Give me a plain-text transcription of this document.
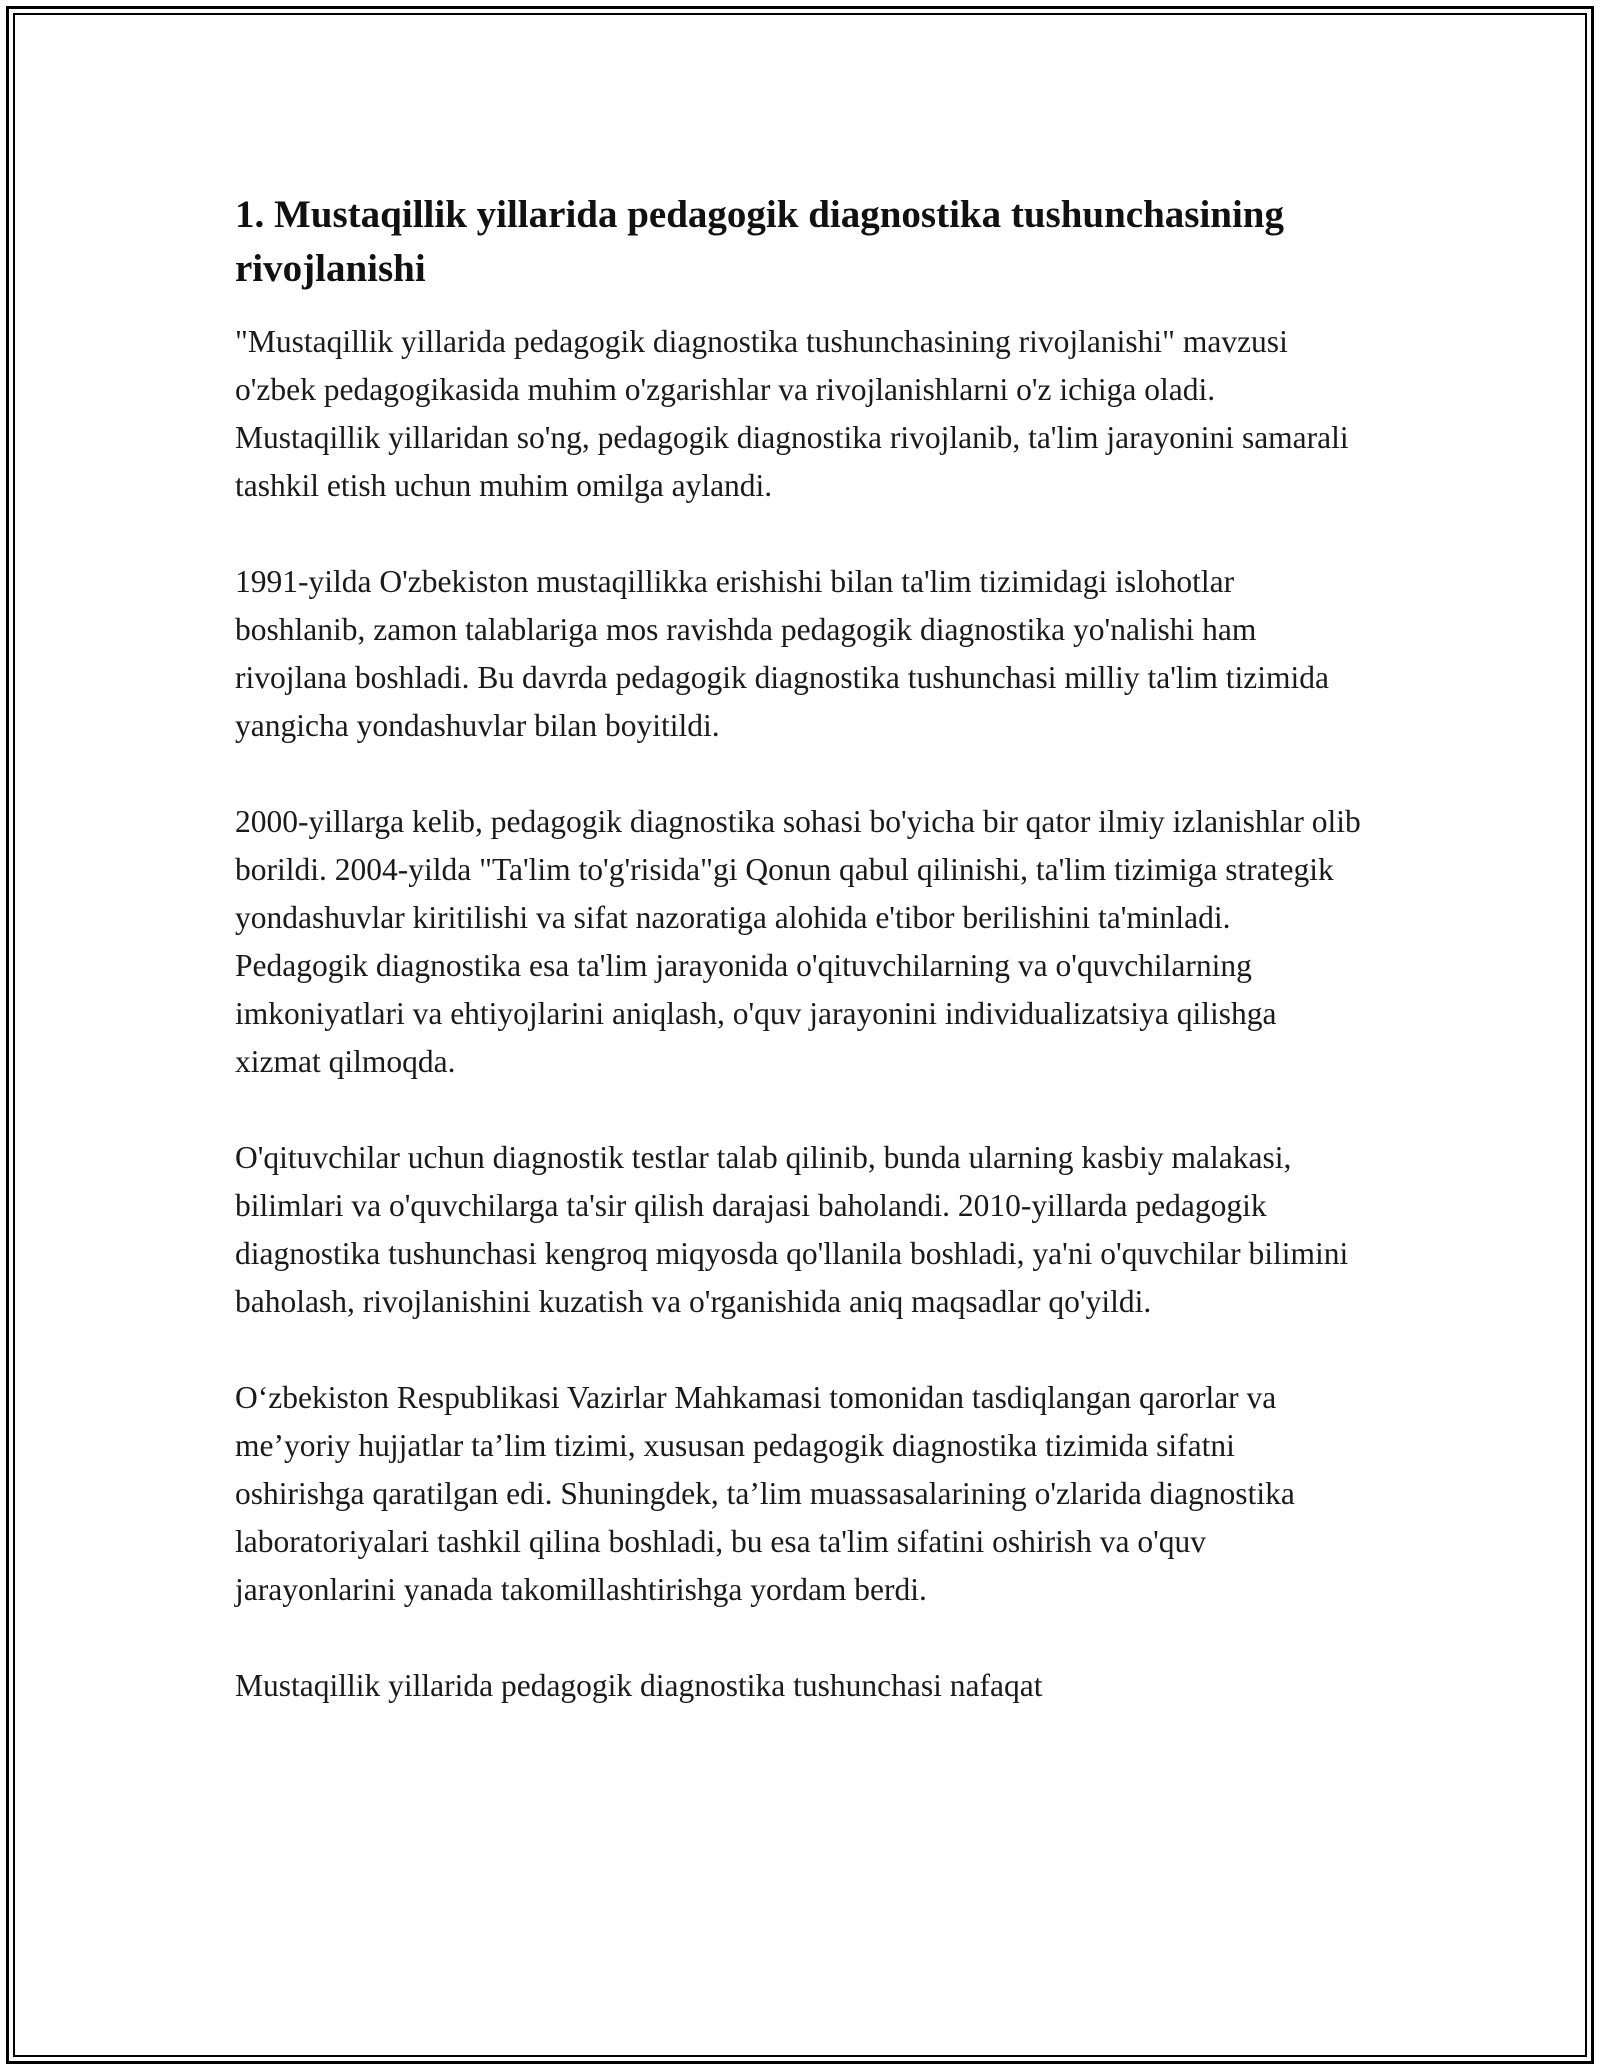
1. Mustaqillik yillarida pedagogik diagnostika tushunchasining rivojlanishi

"Mustaqillik yillarida pedagogik diagnostika tushunchasining rivojlanishi" mavzusi o'zbek pedagogikasida muhim o'zgarishlar va rivojlanishlarni o'z ichiga oladi. Mustaqillik yillaridan so'ng, pedagogik diagnostika rivojlanib, ta'lim jarayonini samarali tashkil etish uchun muhim omilga aylandi.

1991-yilda O'zbekiston mustaqillikka erishishi bilan ta'lim tizimidagi islohotlar boshlanib, zamon talablariga mos ravishda pedagogik diagnostika yo'nalishi ham rivojlana boshladi. Bu davrda pedagogik diagnostika tushunchasi milliy ta'lim tizimida yangicha yondashuvlar bilan boyitildi.

2000-yillarga kelib, pedagogik diagnostika sohasi bo'yicha bir qator ilmiy izlanishlar olib borildi. 2004-yilda "Ta'lim to'g'risida"gi Qonun qabul qilinishi, ta'lim tizimiga strategik yondashuvlar kiritilishi va sifat nazoratiga alohida e'tibor berilishini ta'minladi. Pedagogik diagnostika esa ta'lim jarayonida o'qituvchilarning va o'quvchilarning imkoniyatlari va ehtiyojlarini aniqlash, o'quv jarayonini individualizatsiya qilishga xizmat qilmoqda.

O'qituvchilar uchun diagnostik testlar talab qilinib, bunda ularning kasbiy malakasi, bilimlari va o'quvchilarga ta'sir qilish darajasi baholandi. 2010-yillarda pedagogik diagnostika tushunchasi kengroq miqyosda qo'llanila boshladi, ya'ni o'quvchilar bilimini baholash, rivojlanishini kuzatish va o'rganishida aniq maqsadlar qo'yildi.

O‘zbekiston Respublikasi Vazirlar Mahkamasi tomonidan tasdiqlangan qarorlar va me’yoriy hujjatlar ta’lim tizimi, xususan pedagogik diagnostika tizimida sifatni oshirishga qaratilgan edi. Shuningdek, ta’lim muassasalarining o'zlarida diagnostika laboratoriyalari tashkil qilina boshladi, bu esa ta'lim sifatini oshirish va o'quv jarayonlarini yanada takomillashtirishga yordam berdi.

Mustaqillik yillarida pedagogik diagnostika tushunchasi nafaqat
